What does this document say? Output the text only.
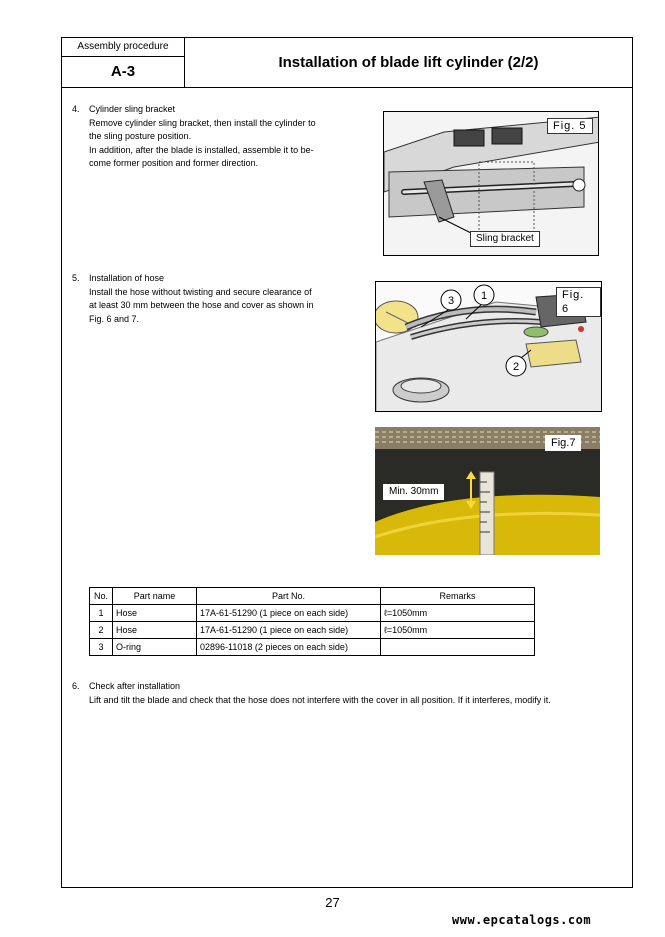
Assembly procedure
A-3
Installation of blade lift cylinder (2/2)
4. Cylinder sling bracket

Remove cylinder sling bracket, then install the cylinder to

the sling posture position.

In addition, after the blade is installed, assemble it to be-

come former position and former direction.

Fig. 5
Sling bracket
5. Installation of hose

Install the hose without twisting and secure clearance of

at least 30 mm between the hose and cover as shown in

Fig. 6 and 7.

3 1
2
Fig. 6
Fig.7
Min. 30mm
No.	Part name	Part No.	Remarks
1	Hose	17A-61-51290 (1 piece on each side)	ℓ=1050mm
2	Hose	17A-61-51290 (1 piece on each side)	ℓ=1050mm
3	O-ring	02896-11018 (2 pieces on each side)	
6. Check after installation

Lift and tilt the blade and check that the hose does not interfere with the cover in all position. If it interferes, modify it.

27
www.epcatalogs.com
